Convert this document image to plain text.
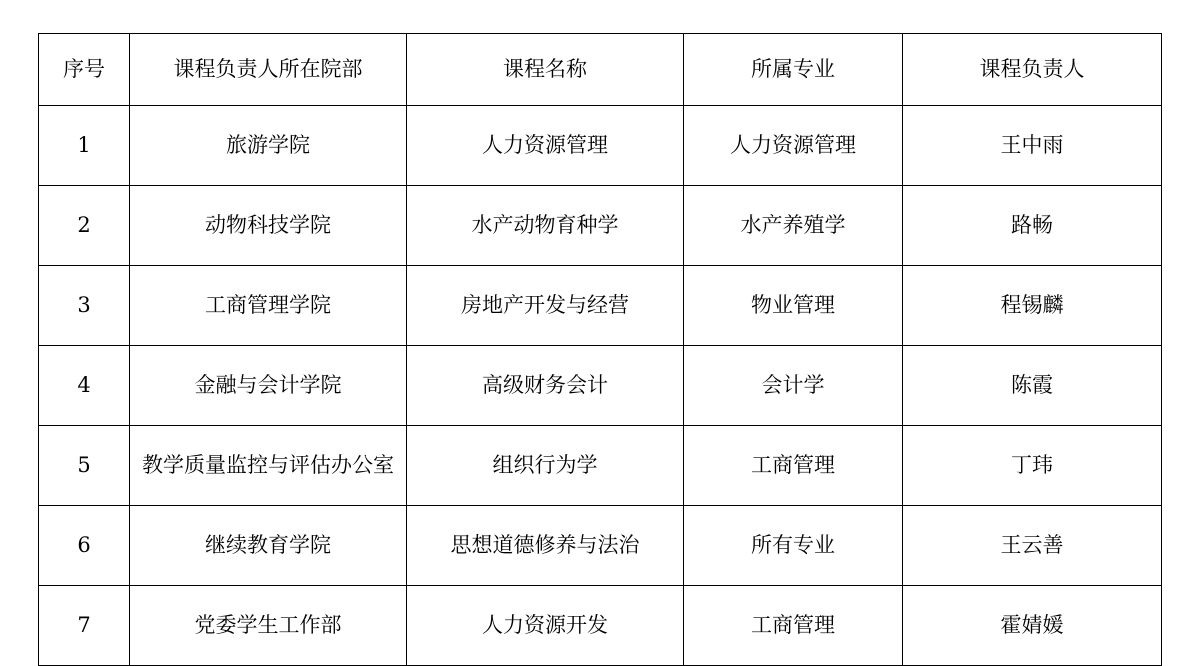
序号	课程负责人所在院部	课程名称	所属专业	课程负责人
1	旅游学院	人力资源管理	人力资源管理	王中雨
2	动物科技学院	水产动物育种学	水产养殖学	路畅
3	工商管理学院	房地产开发与经营	物业管理	程锡麟
4	金融与会计学院	高级财务会计	会计学	陈霞
5	教学质量监控与评估办公室	组织行为学	工商管理	丁玮
6	继续教育学院	思想道德修养与法治	所有专业	王云善
7	党委学生工作部	人力资源开发	工商管理	霍婧媛
